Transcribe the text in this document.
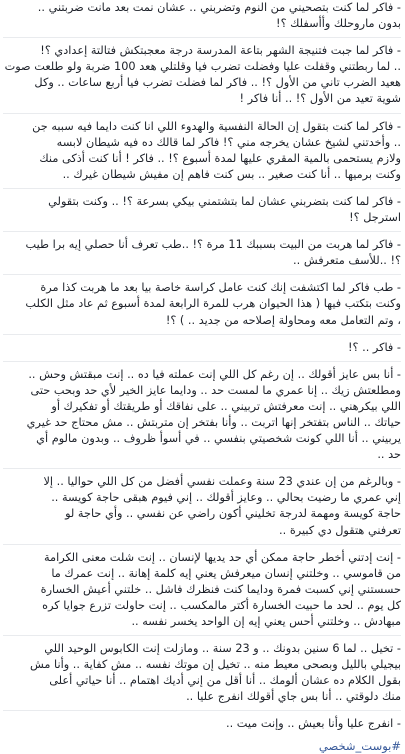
- فاكر لما كنت بتصحيني من النوم وتضربني .. عشان نمت بعد مانت ضربتني ..
بدون ماروحلك وأأسفلك ؟!

- فاكر لما جبت فتنيجة الشهر بتاعة المدرسة درجة معجبتكش فتالتة إعدادي ؟!
.. لما ربطتني وقفلت عليا وفضلت تضرب فيا وقلتلي هعد 100 ضربة ولو طلعت صوت
هعيد الضرب تاني من الأول ؟! .. فاكر لما فضلت تضرب فيا أربع ساعات .. وكل
شوية تعيد من الأول ؟! .. أنا فاكر !

- فاكر لما كنت بتقول إن الحالة النفسية والهدوء اللي انا كنت دايما فيه سببه جن
.. وأخدتني لشيخ عشان يخرجه مني ؟! فاكر لما قالك ده فيه شيطان لابسه
ولازم يستحمى بالمية المقري عليها لمدة أسبوع ؟! .. فاكر ! أنا كنت أذكى منك
وكنت برميها .. أنا كنت صغير .. بس كنت فاهم إن مفيش شيطان غيرك ..

- فاكر لما كنت بتضربني عشان لما بتشتمني بيكي بسرعة ؟! .. وكنت بتقولي
استرجل ؟!

- فاكر لما هربت من البيت بسببك 11 مرة ؟! ..طب تعرف أنا حصلي إيه برا طيب
؟! ..للأسف متعرفش ..

- طب فاكر لما اكتشفت إنك كنت عامل كراسة خاصة بيا بعد ما هربت كذا مرة
وكنت بتكتب فيها ( هذا الحيوان هرب للمرة الرابعة لمدة أسبوع ثم عاد مثل الكلب
، وتم التعامل معه ومحاولة إصلاحه من جديد .. ) ؟!

- فاكر .. ؟!

- أنا بس عايز أقولك .. إن رغم كل اللي إنت عملته فيا ده .. إنت مبقتش وحش ..
ومطلعتش زيك .. إنا عمري ما لمست حد .. ودايما عايز الخير لأي حد وبحب حتى
اللي بيكرهني .. إنت معرفتش تربيني .. على نفاقك أو طريقتك أو تفكيرك أو
حياتك .. الناس بتفتخر إنها اتربت .. وأنا بفتخر إن متربتش .. مش محتاج حد غيري
يربيني .. أنا اللي كونت شخصيتي بنفسي .. في أسوأ ظروف .. وبدون مالوم أي
حد ..

- وبالرغم من إن عندي 23 سنة وعملت نفسي أفضل من كل اللي حواليا .. إلا
إني عمري ما رضيت بحالي .. وعايز أقولك .. إني فيوم هبقى حاجة كويسة ..
حاجة كويسة ومهمة لدرجة تخليني أكون راضي عن نفسي .. وأي حاجة لو
تعرفني هتقول دي كبيرة ..

- إنت إدتني أخطر حاجة ممكن أي حد يديها لإنسان .. إنت شلت معنى الكرامة
من قاموسي .. وخلتني إنسان ميعرفش يعني إيه كلمة إهانة .. إنت عمرك ما
حسستني إني كسبت فمرة ودايما كنت فنظرك فاشل .. خلتني أعيش الخسارة
كل يوم .. لحد ما حبيت الخسارة أكتر مالمكسب .. إنت حاولت تزرع جوايا كره
مبهادش .. وخلتني أحس يعني إيه إن الواحد يخسر نفسه ..

- تخيل .. لما 6 سنين بدونك .. و 23 سنة .. ومازلت إنت الكابوس الوحيد اللي
بيجيلي بالليل وبصحى معيط منه .. تخيل إن موتك نفسه .. مش كفاية .. وأنا مش
بقول الكلام ده عشان ألومك .. أنا أقل من إني أديك اهتمام .. أنا حياتي أعلى
منك دلوقتي .. أنا بس جاي أقولك انفرج عليا ..

- انفرج عليا وأنا بعيش .. وإنت ميت ..

#بوست_شخصي
